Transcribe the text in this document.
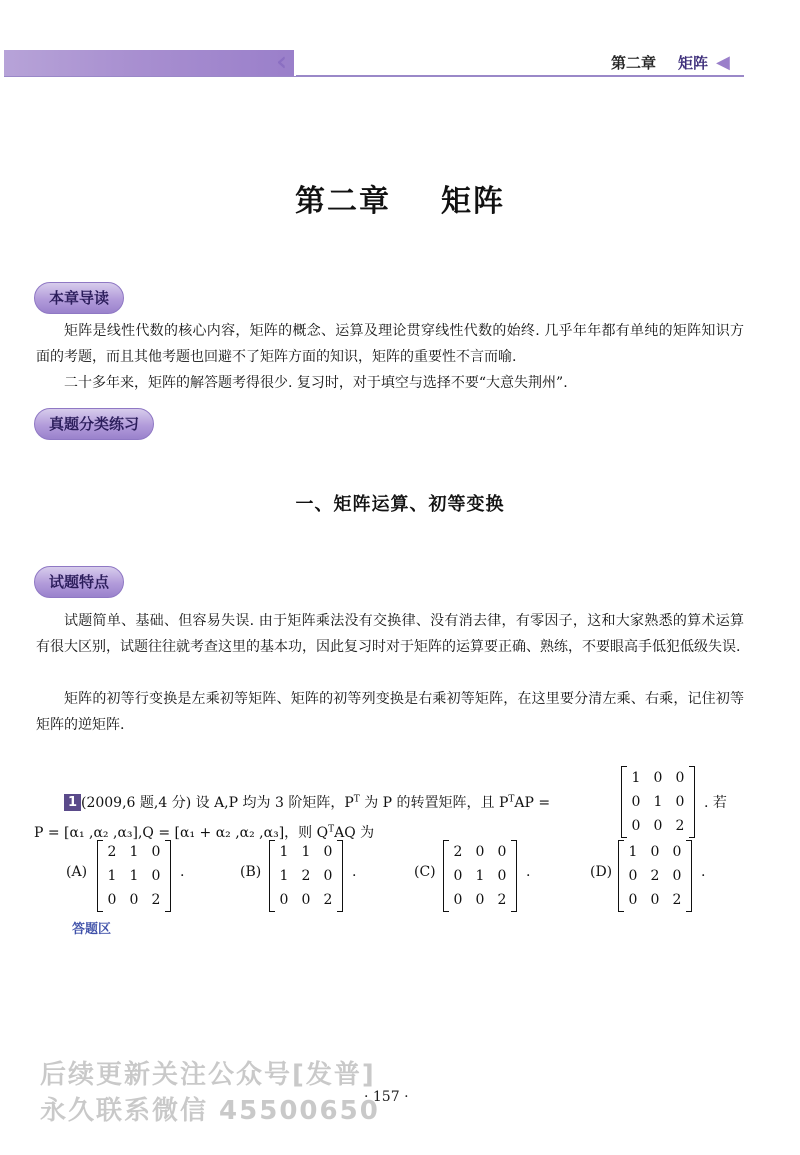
‹‹‹	第二章 矩阵 ◀
第二章 矩阵
本章导读
矩阵是线性代数的核心内容，矩阵的概念、运算及理论贯穿线性代数的始终. 几乎年年都有单纯的矩阵知识方面的考题，而且其他考题也回避不了矩阵方面的知识，矩阵的重要性不言而喻.
二十多年来，矩阵的解答题考得很少. 复习时，对于填空与选择不要“大意失荆州”.
真题分类练习
一、矩阵运算、初等变换
试题特点
试题简单、基础、但容易失误. 由于矩阵乘法没有交换律、没有消去律，有零因子，这和大家熟悉的算术运算有很大区别，试题往往就考查这里的基本功，因此复习时对于矩阵的运算要正确、熟练，不要眼高手低犯低级失误.
矩阵的初等行变换是左乘初等矩阵、矩阵的初等列变换是右乘初等矩阵，在这里要分清左乘、右乘，记住初等矩阵的逆矩阵.
1 (2009,6 题,4 分) 设 A,P 均为 3 阶矩阵，$P^T$ 为 P 的转置矩阵，且 $P^TAP$ =
1 0 0
0 1 0
0 0 2
. 若
P = [α₁ ,α₂ ,α₃],Q = [α₁ + α₂ ,α₂ ,α₃]，则 $Q^TAQ$ 为
(A)
2 1 0
1 1 0
0 0 2
.	(B)
1 1 0
1 2 0
0 0 2
.	(C)
2 0 0
0 1 0
0 0 2
.	(D)
1 0 0
0 2 0
0 0 2
.
答题区
后续更新关注公众号[发普]
永久联系微信 45500650
· 157 ·
